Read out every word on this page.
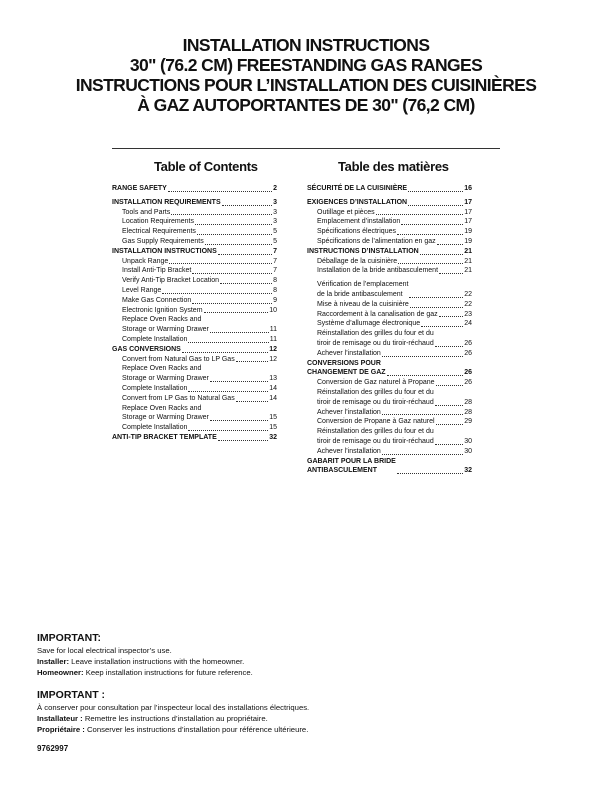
INSTALLATION INSTRUCTIONS
30" (76.2 CM) FREESTANDING GAS RANGES
INSTRUCTIONS POUR L’INSTALLATION DES CUISINIÈRES
À GAZ AUTOPORTANTES DE 30" (76,2 CM)
Table of Contents	Table des matières
RANGE SAFETY	2
INSTALLATION REQUIREMENTS	3
Tools and Parts	3
Location Requirements	3
Electrical Requirements	5
Gas Supply Requirements	5
INSTALLATION INSTRUCTIONS	7
Unpack Range	7
Install Anti-Tip Bracket	7
Verify Anti-Tip Bracket Location	8
Level Range	8
Make Gas Connection	9
Electronic Ignition System	10
Replace Oven Racks and
Storage or Warming Drawer	11
Complete Installation	11
GAS CONVERSIONS	12
Convert from Natural Gas to LP Gas	12
Replace Oven Racks and
Storage or Warming Drawer	13
Complete Installation	14
Convert from LP Gas to Natural Gas	14
Replace Oven Racks and
Storage or Warming Drawer	15
Complete Installation	15
ANTI-TIP BRACKET TEMPLATE	32
SÉCURITÉ DE LA CUISINIÈRE	16
EXIGENCES D’INSTALLATION	17
Outillage et pièces	17
Emplacement d’installation	17
Spécifications électriques	19
Spécifications de l’alimentation en gaz	19
INSTRUCTIONS D’INSTALLATION	21
Déballage de la cuisinière	21
Installation de la bride antibasculement	21
Vérification de l’emplacement
de la bride antibasculement	22
Mise à niveau de la cuisinière	22
Raccordement à la canalisation de gaz	23
Système d’allumage électronique	24
Réinstallation des grilles du four et du
tiroir de remisage ou du tiroir-réchaud	26
Achever l’installation	26
CONVERSIONS POUR
CHANGEMENT DE GAZ	26
Conversion de Gaz naturel à Propane	26
Réinstallation des grilles du four et du
tiroir de remisage ou du tiroir-réchaud	28
Achever l’installation	28
Conversion de Propane à Gaz naturel	29
Réinstallation des grilles du four et du
tiroir de remisage ou du tiroir-réchaud	30
Achever l’installation	30
GABARIT POUR LA BRIDE
ANTIBASCULEMENT	32
IMPORTANT:
Save for local electrical inspector’s use.
Installer: Leave installation instructions with the homeowner.
Homeowner: Keep installation instructions for future reference.
IMPORTANT :
À conserver pour consultation par l’inspecteur local des installations électriques.
Installateur : Remettre les instructions d’installation au propriétaire.
Propriétaire : Conserver les instructions d’installation pour référence ultérieure.
9762997
